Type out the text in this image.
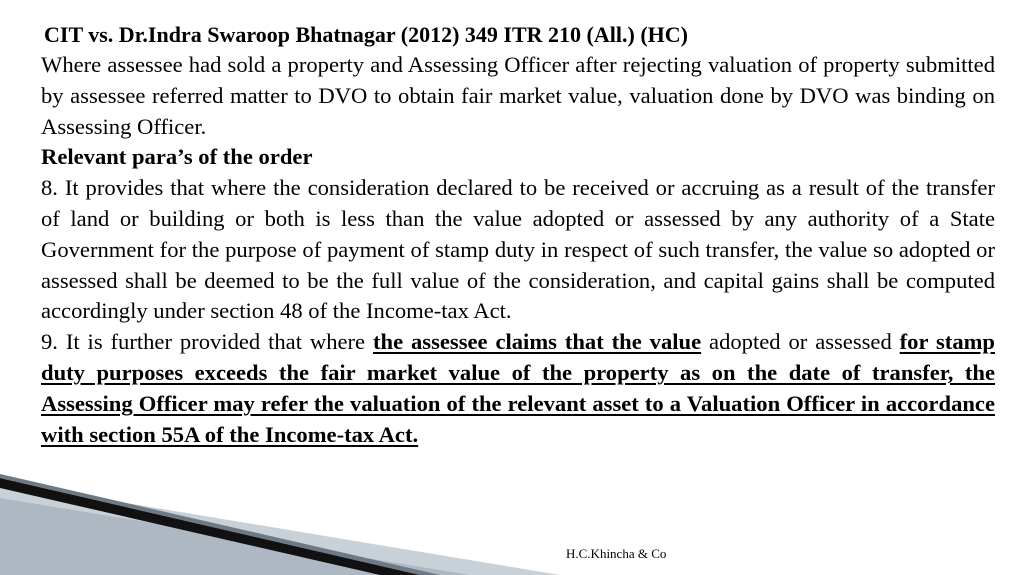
CIT vs. Dr.Indra Swaroop Bhatnagar (2012) 349 ITR 210 (All.) (HC)

Where assessee had sold a property and Assessing Officer after rejecting valuation of property submitted by assessee referred matter to DVO to obtain fair market value, valuation done by DVO was binding on Assessing Officer.

Relevant para’s of the order

8. It provides that where the consideration declared to be received or accruing as a result of the transfer of land or building or both is less than the value adopted or assessed by any authority of a State Government for the purpose of payment of stamp duty in respect of such transfer, the value so adopted or assessed shall be deemed to be the full value of the consideration, and capital gains shall be computed accordingly under section 48 of the Income-tax Act.

9. It is further provided that where the assessee claims that the value adopted or assessed for stamp duty purposes exceeds the fair market value of the property as on the date of transfer, the Assessing Officer may refer the valuation of the relevant asset to a Valuation Officer in accordance with section 55A of the Income-tax Act.

H.C.Khincha & Co
